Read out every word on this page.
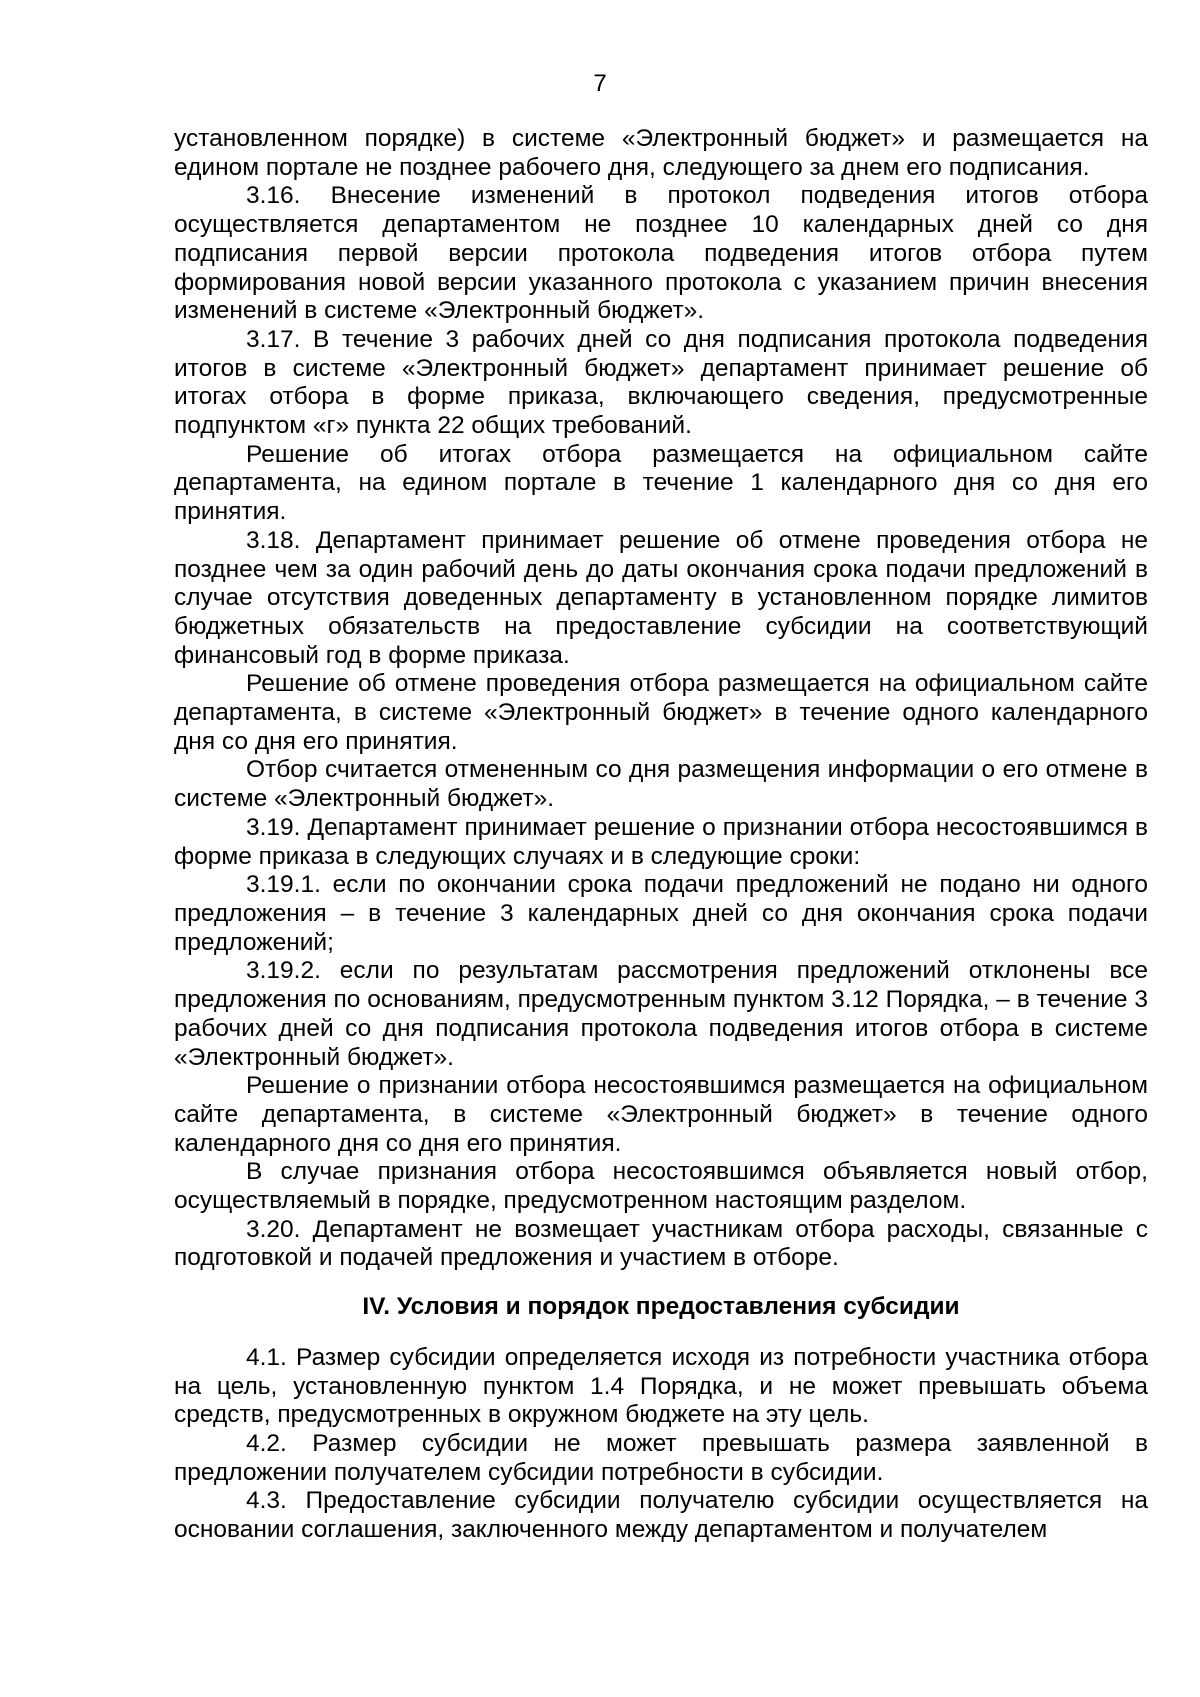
7

установленном порядке) в системе «Электронный бюджет» и размещается на едином портале не позднее рабочего дня, следующего за днем его подписания.

3.16. Внесение изменений в протокол подведения итогов отбора осуществляется департаментом не позднее 10 календарных дней со дня подписания первой версии протокола подведения итогов отбора путем формирования новой версии указанного протокола с указанием причин внесения изменений в системе «Электронный бюджет».

3.17. В течение 3 рабочих дней со дня подписания протокола подведения итогов в системе «Электронный бюджет» департамент принимает решение об итогах отбора в форме приказа, включающего сведения, предусмотренные подпунктом «г» пункта 22 общих требований.

Решение об итогах отбора размещается на официальном сайте департамента, на едином портале в течение 1 календарного дня со дня его принятия.

3.18. Департамент принимает решение об отмене проведения отбора не позднее чем за один рабочий день до даты окончания срока подачи предложений в случае отсутствия доведенных департаменту в установленном порядке лимитов бюджетных обязательств на предоставление субсидии на соответствующий финансовый год в форме приказа.

Решение об отмене проведения отбора размещается на официальном сайте департамента, в системе «Электронный бюджет» в течение одного календарного дня со дня его принятия.

Отбор считается отмененным со дня размещения информации о его отмене в системе «Электронный бюджет».

3.19. Департамент принимает решение о признании отбора несостоявшимся в форме приказа в следующих случаях и в следующие сроки:

3.19.1. если по окончании срока подачи предложений не подано ни одного предложения – в течение 3 календарных дней со дня окончания срока подачи предложений;

3.19.2. если по результатам рассмотрения предложений отклонены все предложения по основаниям, предусмотренным пунктом 3.12 Порядка, – в течение 3 рабочих дней со дня подписания протокола подведения итогов отбора в системе «Электронный бюджет».

Решение о признании отбора несостоявшимся размещается на официальном сайте департамента, в системе «Электронный бюджет» в течение одного календарного дня со дня его принятия.

В случае признания отбора несостоявшимся объявляется новый отбор, осуществляемый в порядке, предусмотренном настоящим разделом.

3.20. Департамент не возмещает участникам отбора расходы, связанные с подготовкой и подачей предложения и участием в отборе.

IV. Условия и порядок предоставления субсидии

4.1. Размер субсидии определяется исходя из потребности участника отбора на цель, установленную пунктом 1.4 Порядка, и не может превышать объема средств, предусмотренных в окружном бюджете на эту цель.

4.2. Размер субсидии не может превышать размера заявленной в предложении получателем субсидии потребности в субсидии.

4.3. Предоставление субсидии получателю субсидии осуществляется на основании соглашения, заключенного между департаментом и получателем
